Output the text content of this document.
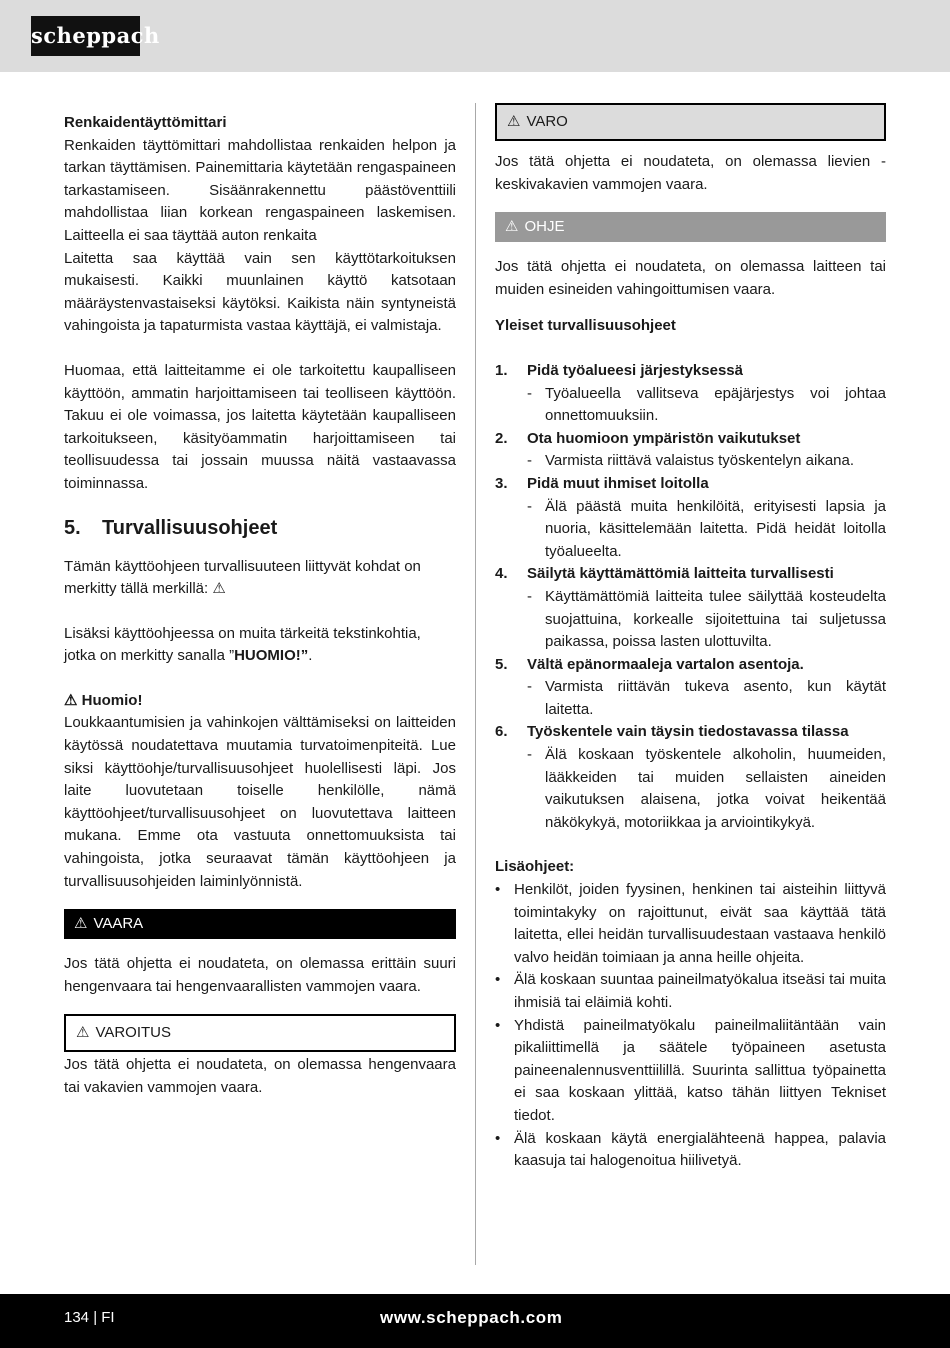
scheppach

Renkaidentäyttömittari

Renkaiden täyttömittari mahdollistaa renkaiden helpon ja tarkan täyttämisen. Painemittaria käytetään rengaspaineen tarkastamiseen. Sisäänrakennettu päästöventtiili mahdollistaa liian korkean rengaspaineen laskemisen. Laitteella ei saa täyttää auton renkaita

Laitetta saa käyttää vain sen käyttötarkoituksen mukaisesti. Kaikki muunlainen käyttö katsotaan määräystenvastaiseksi käytöksi. Kaikista näin syntyneistä vahingoista ja tapaturmista vastaa käyttäjä, ei valmistaja.

Huomaa, että laitteitamme ei ole tarkoitettu kaupalliseen käyttöön, ammatin harjoittamiseen tai teolliseen käyttöön. Takuu ei ole voimassa, jos laitetta käytetään kaupalliseen tarkoitukseen, käsityöammatin harjoittamiseen tai teollisuudessa tai jossain muussa näitä vastaavassa toiminnassa.

5. Turvallisuusohjeet

Tämän käyttöohjeen turvallisuuteen liittyvät kohdat on merkitty tällä merkillä: ⚠

Lisäksi käyttöohjeessa on muita tärkeitä tekstinkohtia, jotka on merkitty sanalla ”HUOMIO!”.

⚠ Huomio!

Loukkaantumisien ja vahinkojen välttämiseksi on laitteiden käytössä noudatettava muutamia turvatoimenpiteitä. Lue siksi käyttöohje/turvallisuusohjeet huolellisesti läpi. Jos laite luovutetaan toiselle henkilölle, nämä käyttöohjeet/turvallisuusohjeet on luovutettava laitteen mukana. Emme ota vastuuta onnettomuuksista tai vahingoista, jotka seuraavat tämän käyttöohjeen ja turvallisuusohjeiden laiminlyönnistä.

⚠ VAARA

Jos tätä ohjetta ei noudateta, on olemassa erittäin suuri hengenvaara tai hengenvaarallisten vammojen vaara.

⚠ VAROITUS

Jos tätä ohjetta ei noudateta, on olemassa hengenvaara tai vakavien vammojen vaara.

⚠ VARO

Jos tätä ohjetta ei noudateta, on olemassa lievien -keskivakavien vammojen vaara.

⚠ OHJE

Jos tätä ohjetta ei noudateta, on olemassa laitteen tai muiden esineiden vahingoittumisen vaara.

Yleiset turvallisuusohjeet

1.	Pidä työalueesi järjestyksessä
- Työalueella vallitseva epäjärjestys voi johtaa onnettomuuksiin.
2.	Ota huomioon ympäristön vaikutukset
- Varmista riittävä valaistus työskentelyn aikana.
3.	Pidä muut ihmiset loitolla
- Älä päästä muita henkilöitä, erityisesti lapsia ja nuoria, käsittelemään laitetta. Pidä heidät loitolla työalueelta.
4.	Säilytä käyttämättömiä laitteita turvallisesti
- Käyttämättömiä laitteita tulee säilyttää kosteudelta suojattuina, korkealle sijoitettuina tai suljetussa paikassa, poissa lasten ulottuvilta.
5.	Vältä epänormaaleja vartalon asentoja.
- Varmista riittävän tukeva asento, kun käytät laitetta.
6.	Työskentele vain täysin tiedostavassa tilassa
- Älä koskaan työskentele alkoholin, huumeiden, lääkkeiden tai muiden sellaisten aineiden vaikutuksen alaisena, jotka voivat heikentää näkökykyä, motoriikkaa ja arviointikykyä.

Lisäohjeet:

• Henkilöt, joiden fyysinen, henkinen tai aisteihin liittyvä toimintakyky on rajoittunut, eivät saa käyttää tätä laitetta, ellei heidän turvallisuudestaan vastaava henkilö valvo heidän toimiaan ja anna heille ohjeita.
• Älä koskaan suuntaa paineilmatyökalua itseäsi tai muita ihmisiä tai eläimiä kohti.
• Yhdistä paineilmatyökalu paineilmaliitäntään vain pikaliittimellä ja säätele työpaineen asetusta paineenalennusventtiilillä. Suurinta sallittua työpainetta ei saa koskaan ylittää, katso tähän liittyen Tekniset tiedot.
• Älä koskaan käytä energialähteenä happea, palavia kaasuja tai halogenoitua hiilivetyä.
134 | FI	www.scheppach.com
